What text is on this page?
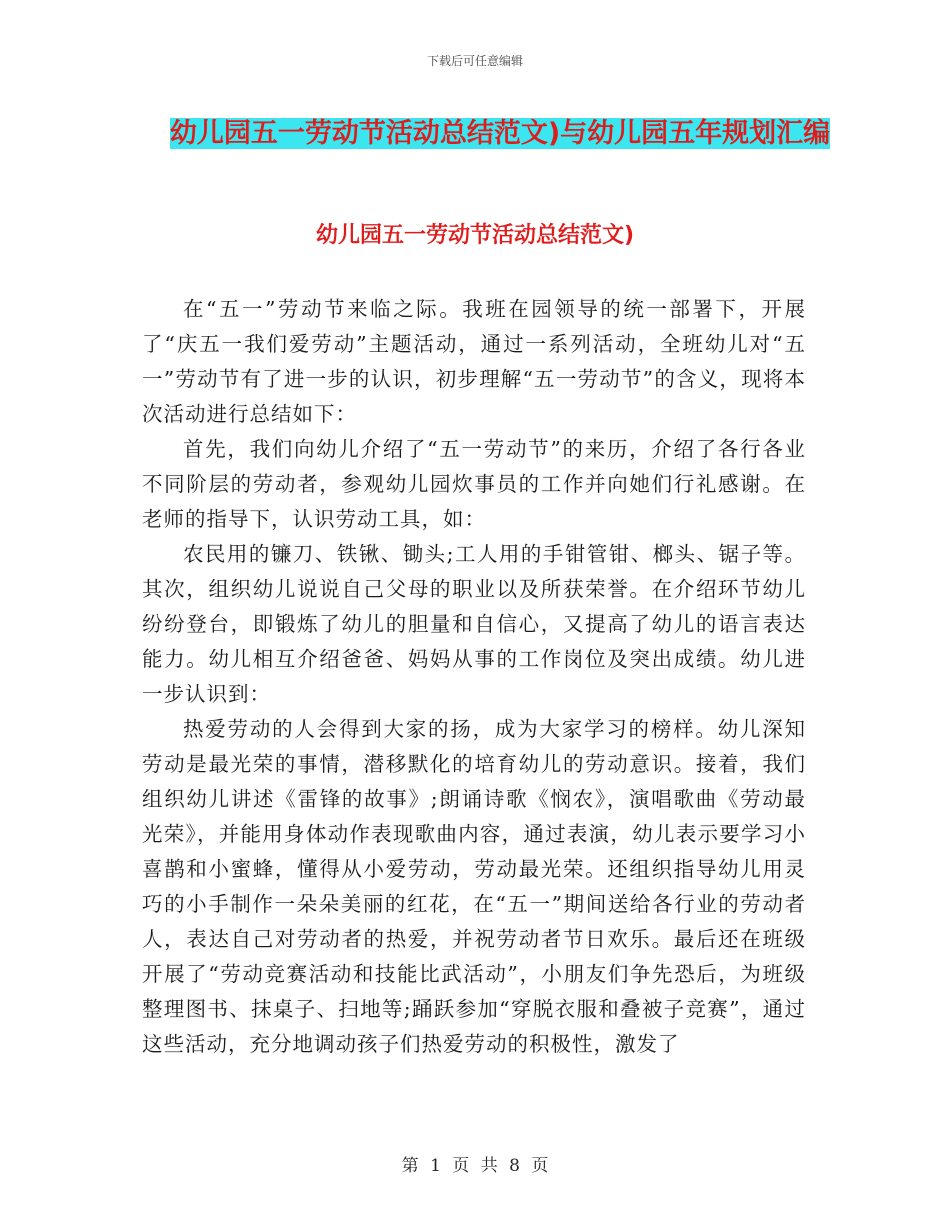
下载后可任意编辑
幼儿园五一劳动节活动总结范文)与幼儿园五年规划汇编
幼儿园五一劳动节活动总结范文)

在“五一”劳动节来临之际。我班在园领导的统一部署下，开展了“庆五一我们爱劳动”主题活动，通过一系列活动，全班幼儿对“五一”劳动节有了进一步的认识，初步理解“五一劳动节”的含义，现将本次活动进行总结如下：

首先，我们向幼儿介绍了“五一劳动节”的来历，介绍了各行各业不同阶层的劳动者，参观幼儿园炊事员的工作并向她们行礼感谢。在老师的指导下，认识劳动工具，如：

农民用的镰刀、铁锹、锄头;工人用的手钳管钳、榔头、锯子等。其次，组织幼儿说说自己父母的职业以及所获荣誉。在介绍环节幼儿纷纷登台，即锻炼了幼儿的胆量和自信心，又提高了幼儿的语言表达能力。幼儿相互介绍爸爸、妈妈从事的工作岗位及突出成绩。幼儿进一步认识到：

热爱劳动的人会得到大家的扬，成为大家学习的榜样。幼儿深知劳动是最光荣的事情，潜移默化的培育幼儿的劳动意识。接着，我们组织幼儿讲述《雷锋的故事》;朗诵诗歌《悯农》，演唱歌曲《劳动最光荣》，并能用身体动作表现歌曲内容，通过表演，幼儿表示要学习小喜鹊和小蜜蜂，懂得从小爱劳动，劳动最光荣。还组织指导幼儿用灵巧的小手制作一朵朵美丽的红花，在“五一”期间送给各行业的劳动者人，表达自己对劳动者的热爱，并祝劳动者节日欢乐。最后还在班级开展了“劳动竞赛活动和技能比武活动”，小朋友们争先恐后，为班级整理图书、抹桌子、扫地等;踊跃参加“穿脱衣服和叠被子竞赛”，通过这些活动，充分地调动孩子们热爱劳动的积极性，激发了

第 1 页 共 8 页
